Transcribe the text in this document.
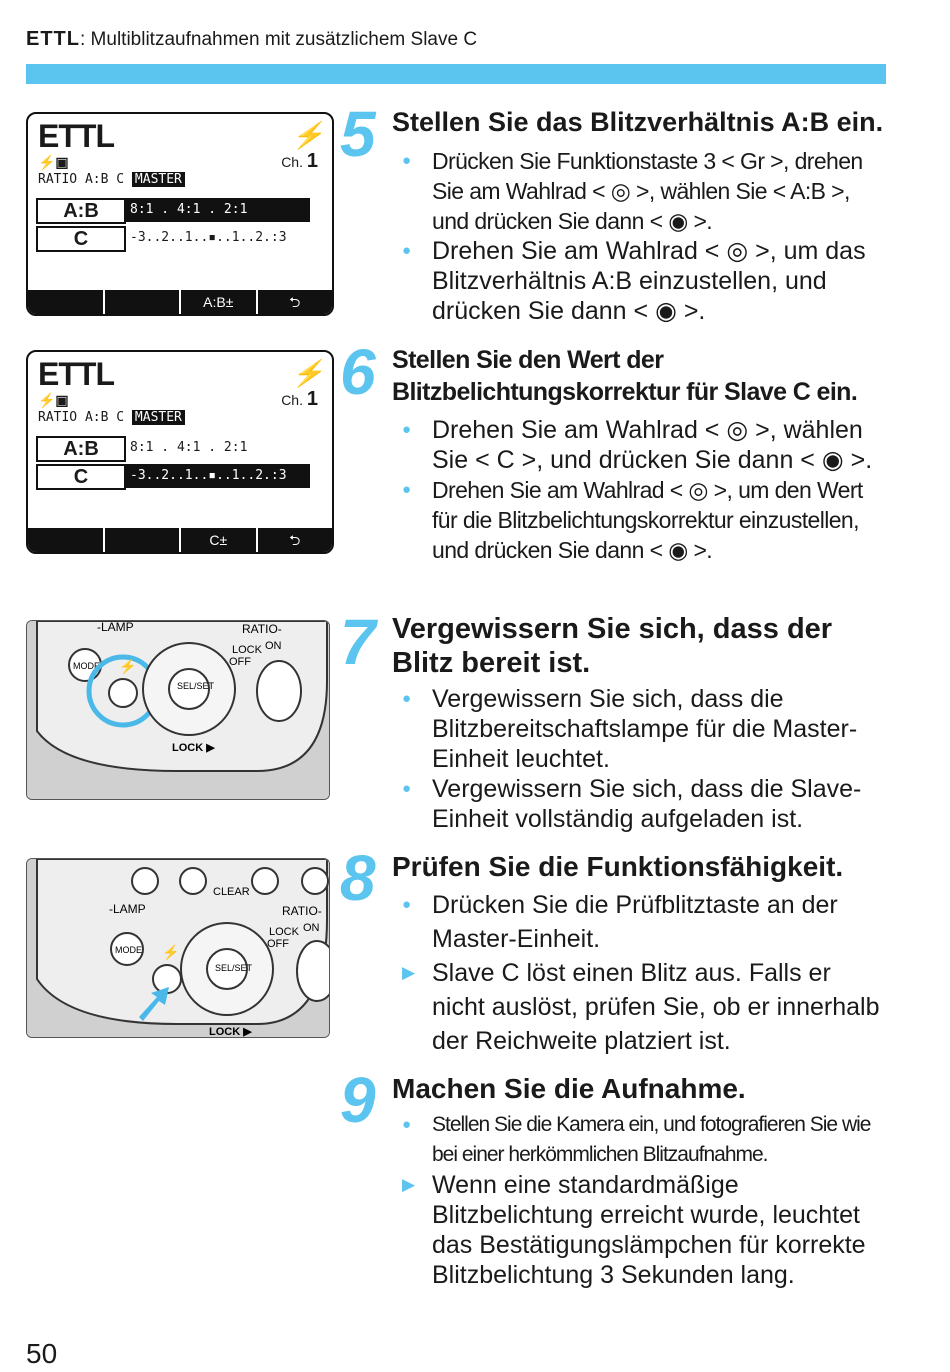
ETTL: Multiblitzaufnahmen mit zusätzlichem Slave C
ETTL	⚡
Ch. 1
⚡▣
RATIO A:B C MASTER
A:B	8:1 . 4:1 . 2:1
C	-3..2..1..▪..1..2.:3
A:B±	⮌
ETTL	⚡
Ch. 1
⚡▣
RATIO A:B C MASTER
A:B	8:1 . 4:1 . 2:1
C	-3..2..1..▪..1..2.:3
C±	⮌
-LAMP	RATIO-
MODE ⚡
SEL/SET
LOCK ON
OFF
LOCK ▶
CLEAR
-LAMP	RATIO-
MODE ⚡
SEL/SET
LOCK ON
OFF
LOCK ▶
5 Stellen Sie das Blitzverhältnis A:B ein.
● Drücken Sie Funktionstaste 3 < Gr >, drehen Sie am Wahlrad < ◎ >, wählen Sie < A:B >, und drücken Sie dann < ◉ >.
● Drehen Sie am Wahlrad < ◎ >, um das Blitzverhältnis A:B einzustellen, und drücken Sie dann < ◉ >.
6 Stellen Sie den Wert der Blitzbelichtungskorrektur für Slave C ein.
● Drehen Sie am Wahlrad < ◎ >, wählen Sie < C >, und drücken Sie dann < ◉ >.
● Drehen Sie am Wahlrad < ◎ >, um den Wert für die Blitzbelichtungskorrektur einzustellen, und drücken Sie dann < ◉ >.
7 Vergewissern Sie sich, dass der Blitz bereit ist.
● Vergewissern Sie sich, dass die Blitzbereitschaftslampe für die Master-Einheit leuchtet.
● Vergewissern Sie sich, dass die Slave-Einheit vollständig aufgeladen ist.
8 Prüfen Sie die Funktionsfähigkeit.
● Drücken Sie die Prüfblitztaste an der Master-Einheit.
▶ Slave C löst einen Blitz aus. Falls er nicht auslöst, prüfen Sie, ob er innerhalb der Reichweite platziert ist.
9 Machen Sie die Aufnahme.
● Stellen Sie die Kamera ein, und fotografieren Sie wie bei einer herkömmlichen Blitzaufnahme.
▶ Wenn eine standardmäßige Blitzbelichtung erreicht wurde, leuchtet das Bestätigungslämpchen für korrekte Blitzbelichtung 3 Sekunden lang.
50
